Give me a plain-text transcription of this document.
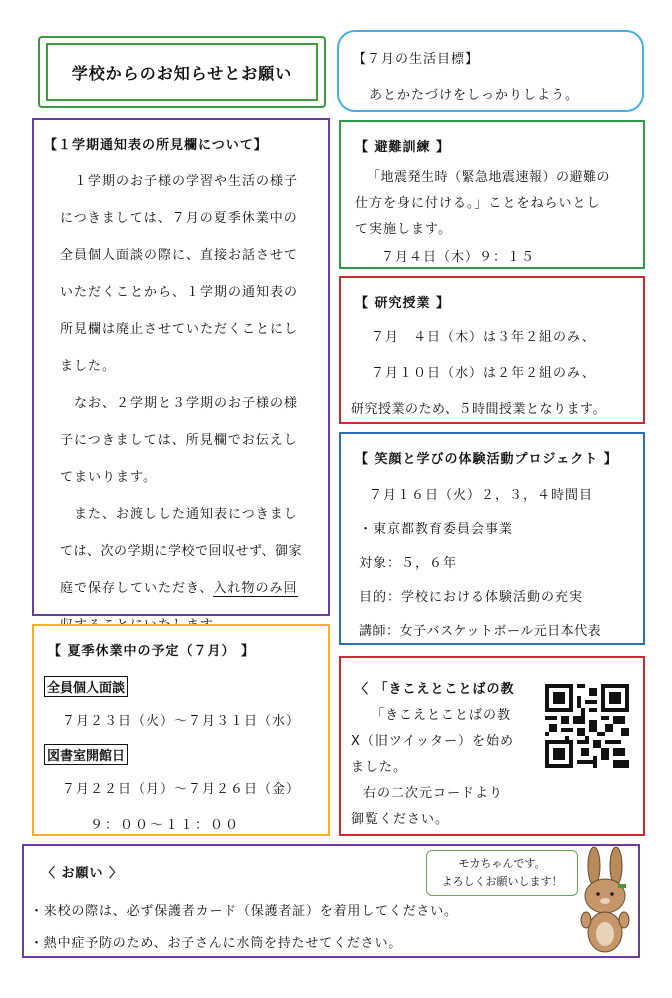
学校からのお知らせとお願い
【７月の生活目標】
あとかたづけをしっかりしよう。
【１学期通知表の所見欄について】
１学期のお子様の学習や生活の様子
につきましては、７月の夏季休業中の
全員個人面談の際に、直接お話させて
いただくことから、１学期の通知表の
所見欄は廃止させていただくことにし
ました。
なお、２学期と３学期のお子様の様
子につきましては、所見欄でお伝えし
てまいります。
また、お渡しした通知表につきまし
ては、次の学期に学校で回収せず、御家
庭で保存していただき、入れ物のみ回
【 避難訓練 】
「地震発生時（緊急地震速報）の避難の
仕方を身に付ける。」ことをねらいとし
て実施します。
７月４日（木）９：１５
【 研究授業 】
７月　４日（木）は３年２組のみ、
７月１０日（水）は２年２組のみ、
研究授業のため、５時間授業となります。
【 笑顔と学びの体験活動プロジェクト 】
７月１６日（火）２，３，４時間目
・東京都教育委員会事業
対象：５，６年
目的：学校における体験活動の充実
講師：女子バスケットボール元日本代表
【 夏季休業中の予定（７月） 】
全員個人面談
７月２３日（火）～７月３１日（水）
図書室開館日
７月２２日（月）～７月２６日（金）
９：００～１１：００
〈 「きこえとことばの教
「きこえとことばの教
X（旧ツイッター）を始め
ました。
右の二次元コードより
御覧ください。
〈 お願い 〉
・来校の際は、必ず保護者カード（保護者証）を着用してください。
・熱中症予防のため、お子さんに水筒を持たせてください。
モカちゃんです。
よろしくお願いします！
